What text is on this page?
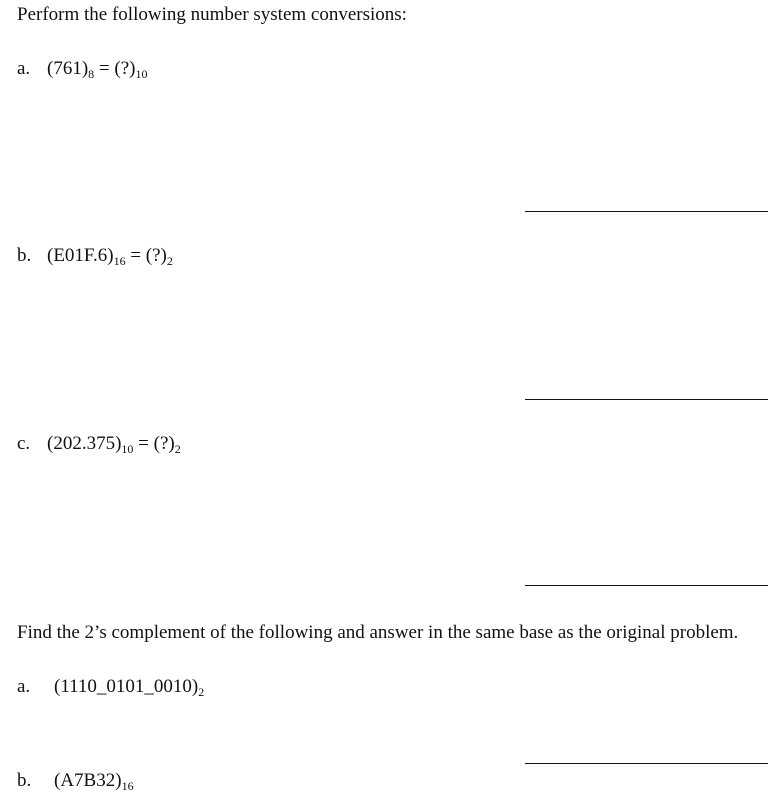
Perform the following number system conversions:
a. $(761)_8$ = $(?)_{10}$
b. $(E01F.6)_{16}$ = $(?)_2$
c. $(202.375)_{10}$ = $(?)_2$
Find the 2’s complement of the following and answer in the same base as the original problem.
a. $(1110\_0101\_0010)_2$
b. $(A7B32)_{16}$
